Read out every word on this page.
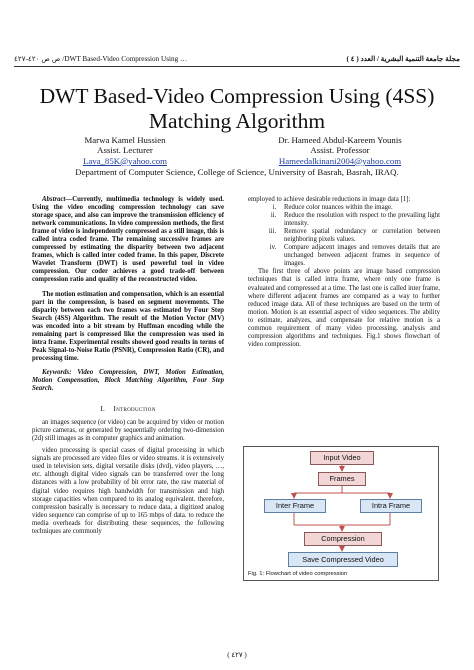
ص ص ٤٢٠-٤٢٧ /DWT Based-Video Compression Using …	مجلة جامعة التنمية البشرية / العدد ( ٤ )
DWT Based-Video Compression Using (4SS)
Matching Algorithm
Marwa Kamel Hussien
Assist. Lecturer
Lava_85K@yahoo.com
Dr. Hameed Abdul-Kareem Younis
Assist. Professor
Hameedalkinani2004@yahoo.com
Department of Computer Science, College of Science, University of Basrah, Basrah, IRAQ.

Abstract—Currently, multimedia technology is widely used. Using the video encoding compression technology can save storage space, and also can improve the transmission efficiency of network communications. In video compression methods, the first frame of video is independently compressed as a still image, this is called intra coded frame. The remaining successive frames are compressed by estimating the disparity between two adjacent frames, which is called inter coded frame. In this paper, Discrete Wavelet Transform (DWT) is used powerful tool in video compression. Our coder achieves a good trade-off between compression ratio and quality of the reconstructed video.

The motion estimation and compensation, which is an essential part in the compression, is based on segment movements. The disparity between each two frames was estimated by Four Step Search (4SS) Algorithm. The result of the Motion Vector (MV) was encoded into a bit stream by Huffman encoding while the remaining part is compressed like the compression was used in intra frame. Experimental results showed good results in terms of Peak Signal-to-Noise Ratio (PSNR), Compression Ratio (CR), and processing time.

Keywords: Video Compression, DWT, Motion Estimation, Motion Compensation, Block Matching Algorithm, Four Step Search.

I. Introduction

an images sequence (or video) can be acquired by video or motion picture cameras, or generated by sequentially ordering two-dimension (2d) still images as in computer graphics and animation.

video processing is special cases of digital processing in which signals are processed are video files or video streams. it is extensively used in television sets, digital versatile disks (dvd), video players, …, etc. although digital video signals can be transferred over the long distances with a low probability of bit error rate, the raw material of digital video requires high bandwidth for transmission and high storage capacities when compared to its analog equivalent. therefore, compression basically is necessary to reduce data, a digitized analog video sequence can comprise of up to 165 mbps of data. to reduce the media overheads for distributing these sequences, the following techniques are commonly

employed to achieve desirable reductions in image data [1]:

i. Reduce color nuances within the image.
ii. Reduce the resolution with respect to the prevailing light intensity.
iii. Remove spatial redundancy or correlation between neighboring pixels values.
iv. Compare adjacent images and removes details that are unchanged between adjacent frames in sequence of images.

The first three of above points are image based compression techniques that is called intra frame, where only one frame is evaluated and compressed at a time. The last one is called inter frame, where different adjacent frames are compared as a way to further reduced image data. All of these techniques are based on the term of motion. Motion is an essential aspect of video sequences. The ability to estimate, analyzes, and compensate for relative motion is a common requirement of many video processing, analysis and compression algorithms and techniques. Fig.1 shows flowchart of video compression.

Input Video
Frames
Inter Frame	Intra Frame
Compression
Save Compressed Video
Fig. 1: Flowchart of video compression
( ٤٢٧ )
